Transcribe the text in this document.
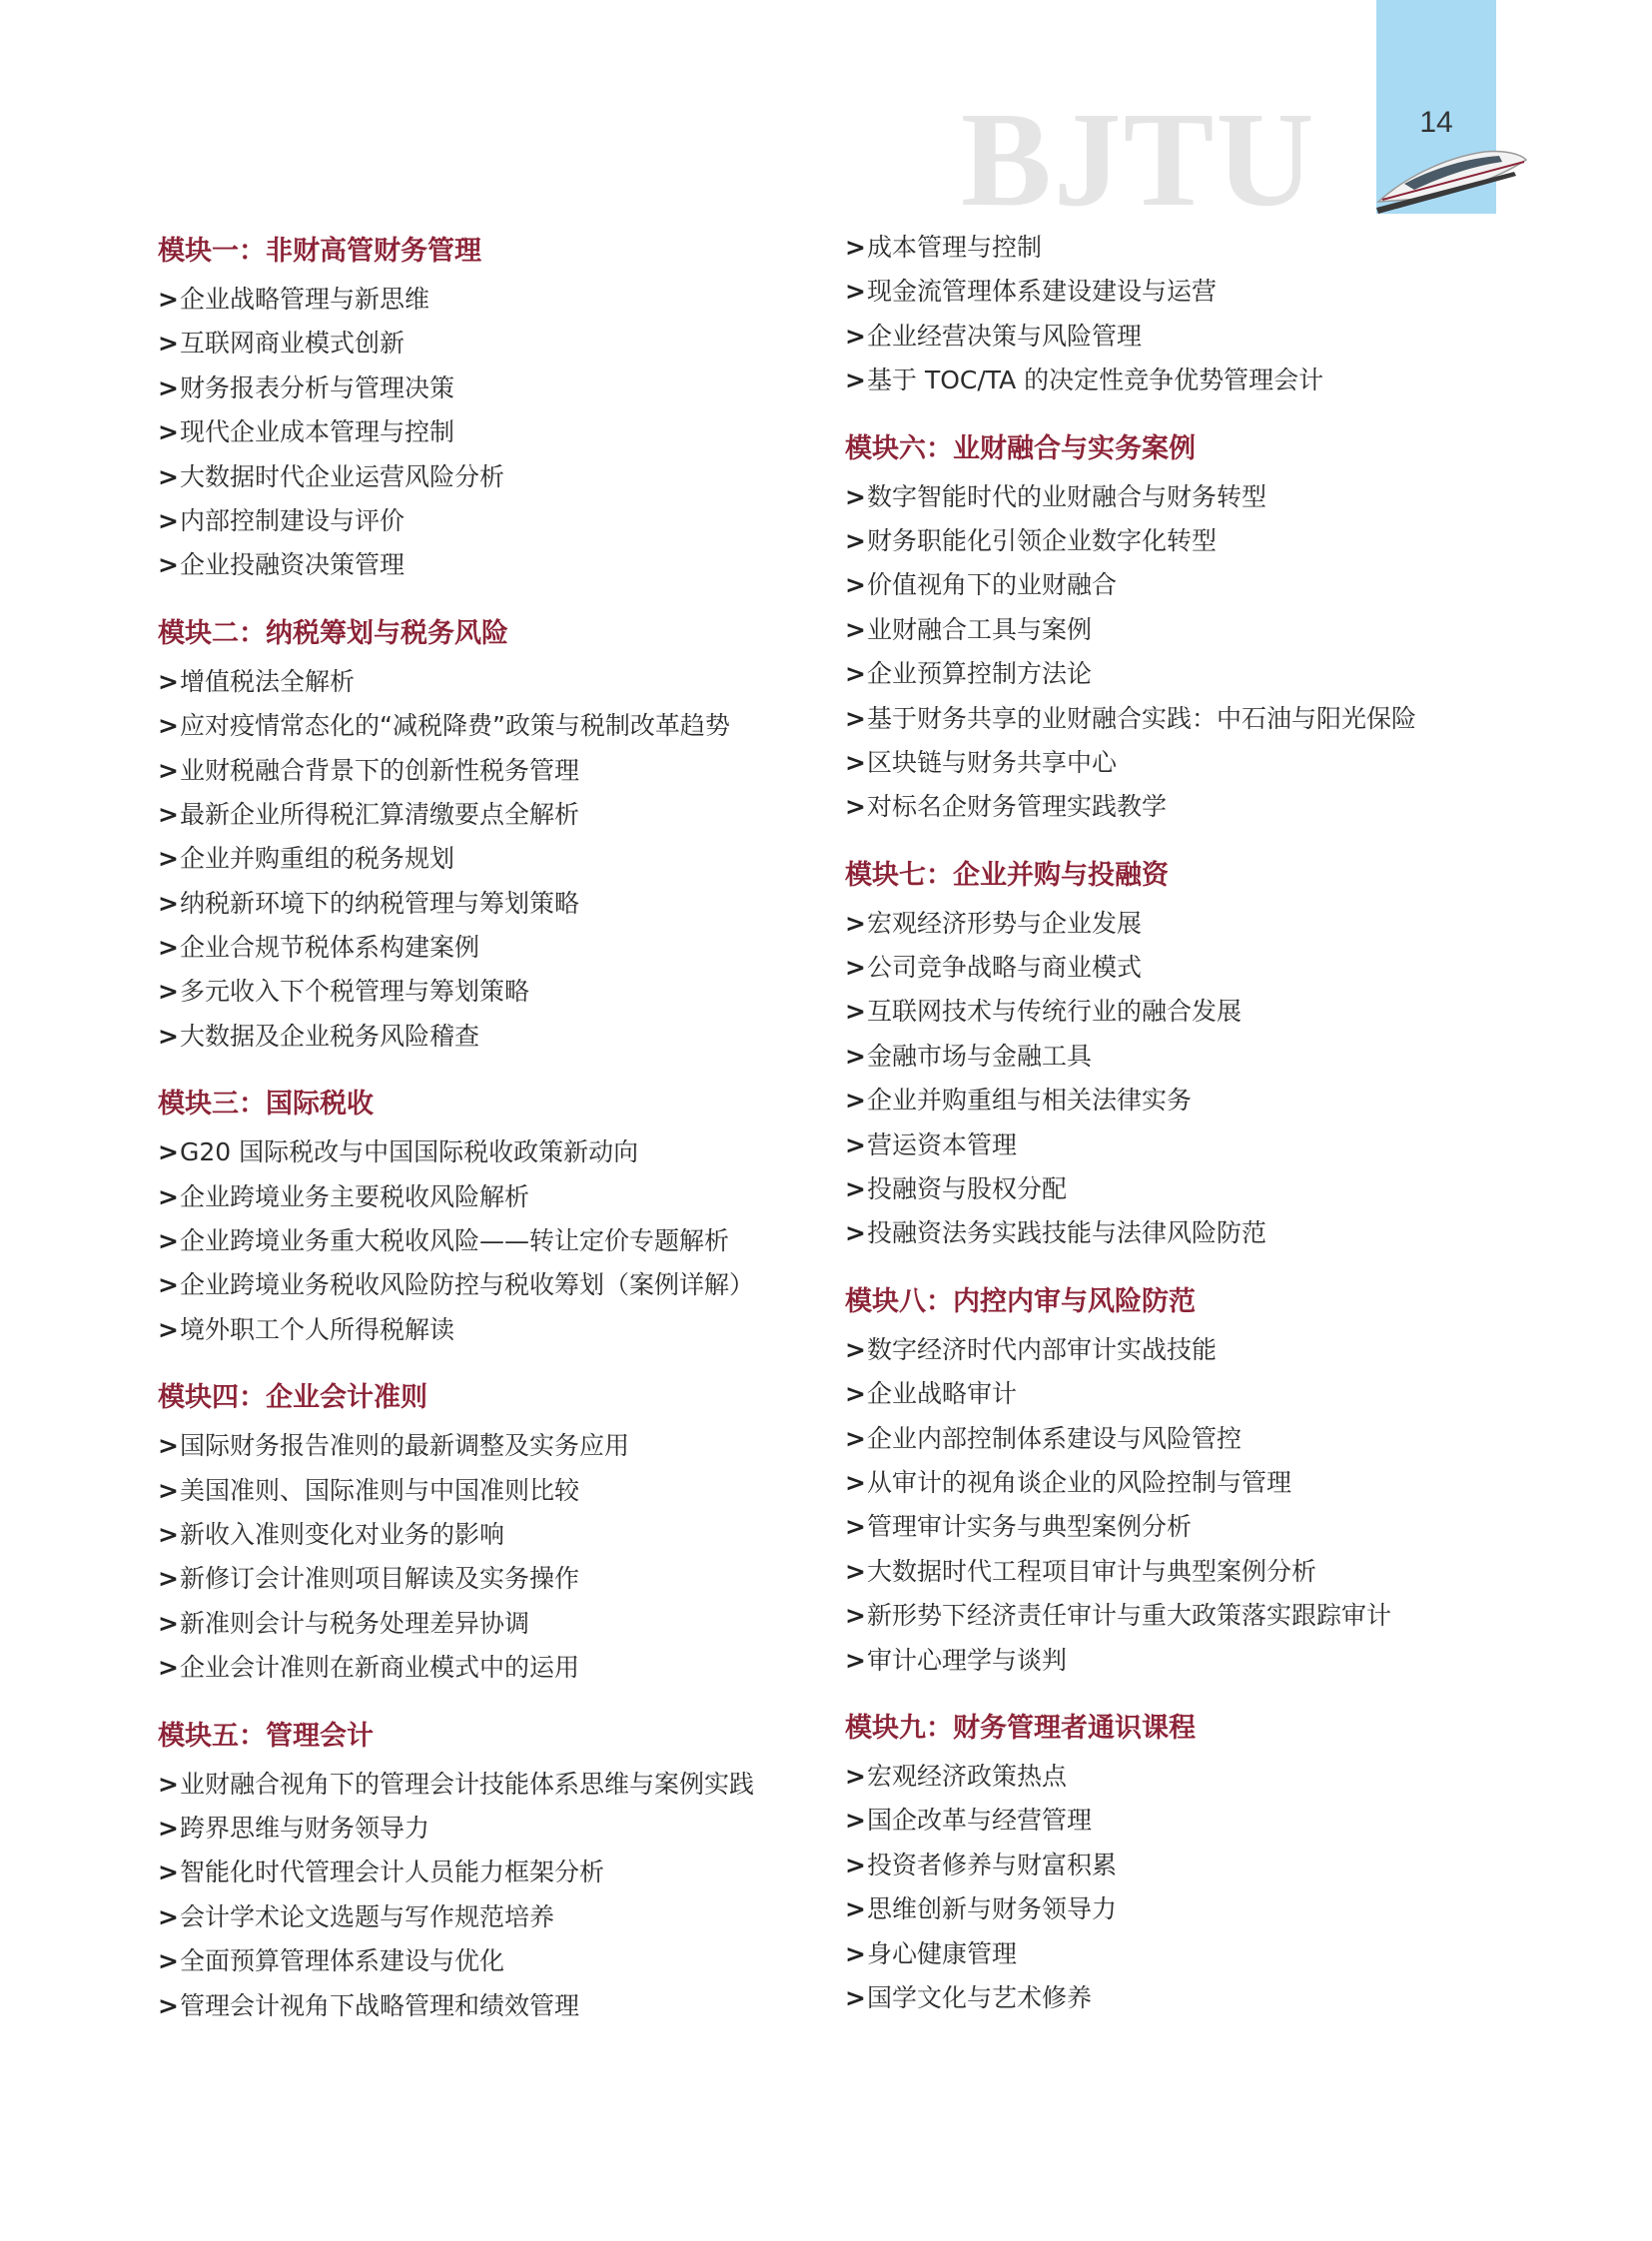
14
BJTU
模块一：非财高管财务管理
>企业战略管理与新思维
>互联网商业模式创新
>财务报表分析与管理决策
>现代企业成本管理与控制
>大数据时代企业运营风险分析
>内部控制建设与评价
>企业投融资决策管理
模块二：纳税筹划与税务风险
>增值税法全解析
>应对疫情常态化的“减税降费”政策与税制改革趋势
>业财税融合背景下的创新性税务管理
>最新企业所得税汇算清缴要点全解析
>企业并购重组的税务规划
>纳税新环境下的纳税管理与筹划策略
>企业合规节税体系构建案例
>多元收入下个税管理与筹划策略
>大数据及企业税务风险稽查
模块三：国际税收
>G20 国际税改与中国国际税收政策新动向
>企业跨境业务主要税收风险解析
>企业跨境业务重大税收风险——转让定价专题解析
>企业跨境业务税收风险防控与税收筹划（案例详解）
>境外职工个人所得税解读
模块四：企业会计准则
>国际财务报告准则的最新调整及实务应用
>美国准则、国际准则与中国准则比较
>新收入准则变化对业务的影响
>新修订会计准则项目解读及实务操作
>新准则会计与税务处理差异协调
>企业会计准则在新商业模式中的运用
模块五：管理会计
>业财融合视角下的管理会计技能体系思维与案例实践
>跨界思维与财务领导力
>智能化时代管理会计人员能力框架分析
>会计学术论文选题与写作规范培养
>全面预算管理体系建设与优化
>管理会计视角下战略管理和绩效管理
>成本管理与控制
>现金流管理体系建设建设与运营
>企业经营决策与风险管理
>基于 TOC/TA 的决定性竞争优势管理会计
模块六：业财融合与实务案例
>数字智能时代的业财融合与财务转型
>财务职能化引领企业数字化转型
>价值视角下的业财融合
>业财融合工具与案例
>企业预算控制方法论
>基于财务共享的业财融合实践：中石油与阳光保险
>区块链与财务共享中心
>对标名企财务管理实践教学
模块七：企业并购与投融资
>宏观经济形势与企业发展
>公司竞争战略与商业模式
>互联网技术与传统行业的融合发展
>金融市场与金融工具
>企业并购重组与相关法律实务
>营运资本管理
>投融资与股权分配
>投融资法务实践技能与法律风险防范
模块八：内控内审与风险防范
>数字经济时代内部审计实战技能
>企业战略审计
>企业内部控制体系建设与风险管控
>从审计的视角谈企业的风险控制与管理
>管理审计实务与典型案例分析
>大数据时代工程项目审计与典型案例分析
>新形势下经济责任审计与重大政策落实跟踪审计
>审计心理学与谈判
模块九：财务管理者通识课程
>宏观经济政策热点
>国企改革与经营管理
>投资者修养与财富积累
>思维创新与财务领导力
>身心健康管理
>国学文化与艺术修养
